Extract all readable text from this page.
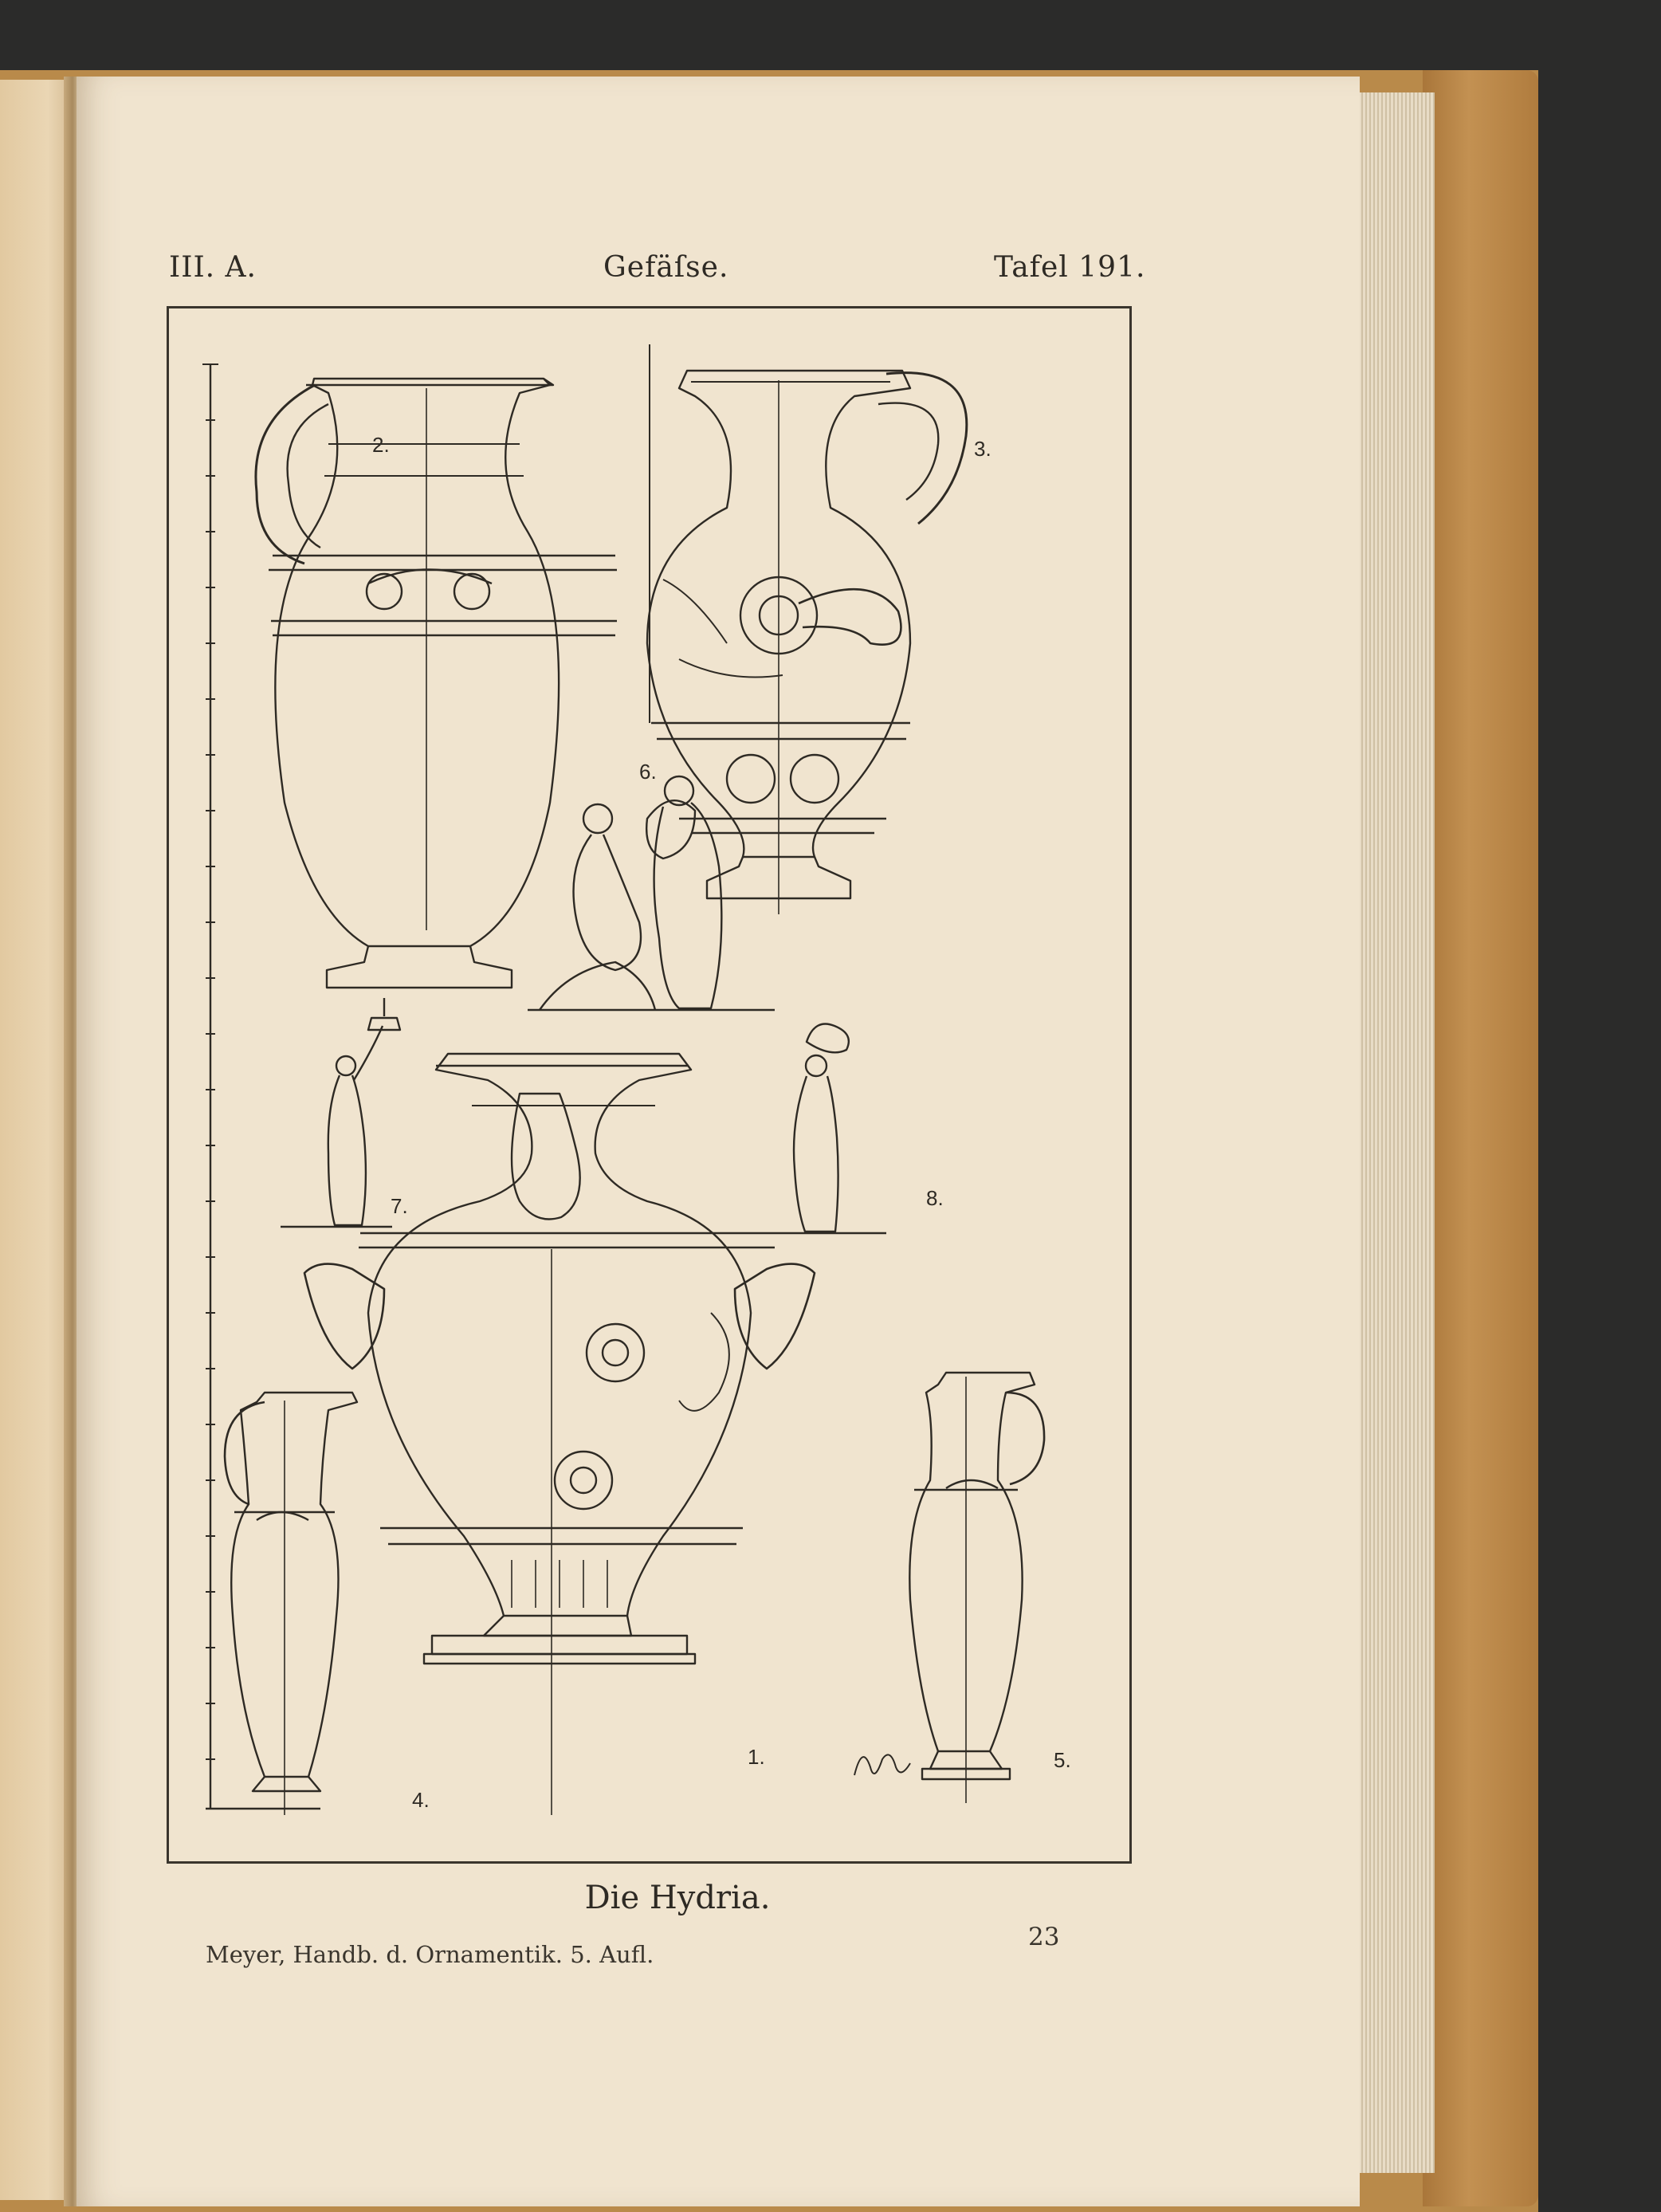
III. A.	Gefäſse.	Tafel 191.
2.	3.
6.
7.	8.
1.
4.
5.
Die Hydria.
Meyer, Handb. d. Ornamentik. 5. Aufl.
23
